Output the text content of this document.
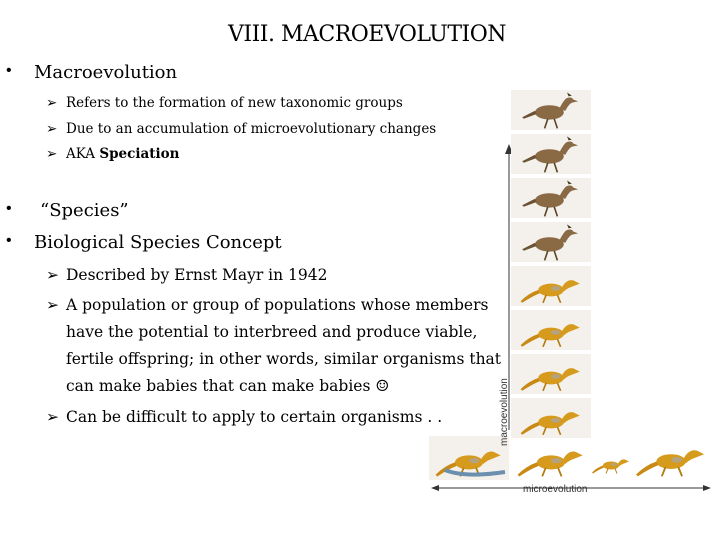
VIII. MACROEVOLUTION
• Macroevolution
➢ Refers to the formation of new taxonomic groups
➢ Due to an accumulation of microevolutionary changes
➢ AKA Speciation
• “Species”
• Biological Species Concept
➢ Described by Ernst Mayr in 1942
➢ A population or group of populations whose members
have the potential to interbreed and produce viable,
fertile offspring; in other words, similar organisms that
can make babies that can make babies ☺
➢ Can be difficult to apply to certain organisms . .	macroevolution
microevolution
